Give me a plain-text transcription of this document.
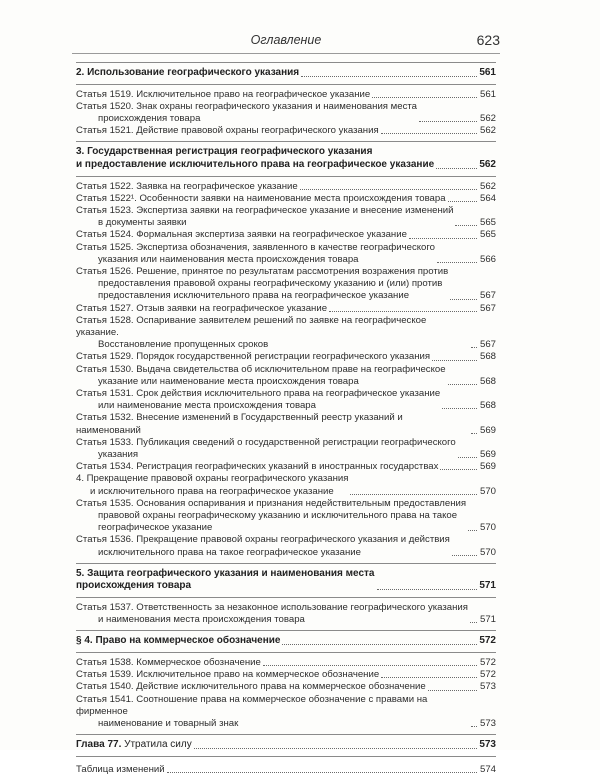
Оглавление	623
2. Использование географического указания	561
Статья 1519. Исключительное право на географическое указание	561
Статья 1520. Знак охраны географического указания и наименования места
происхождения товара	562
Статья 1521. Действие правовой охраны географического указания	562
3. Государственная регистрация географического указания
и предоставление исключительного права на географическое указание	562
Статья 1522. Заявка на географическое указание	562
Статья 1522¹. Особенности заявки на наименование места происхождения товара	564
Статья 1523. Экспертиза заявки на географическое указание и внесение изменений
в документы заявки	565
Статья 1524. Формальная экспертиза заявки на географическое указание	565
Статья 1525. Экспертиза обозначения, заявленного в качестве географического
указания или наименования места происхождения товара	566
Статья 1526. Решение, принятое по результатам рассмотрения возражения против
предоставления правовой охраны географическому указанию и (или) против
предоставления исключительного права на географическое указание	567
Статья 1527. Отзыв заявки на географическое указание	567
Статья 1528. Оспаривание заявителем решений по заявке на географическое указание.
Восстановление пропущенных сроков	567
Статья 1529. Порядок государственной регистрации географического указания	568
Статья 1530. Выдача свидетельства об исключительном праве на географическое
указание или наименование места происхождения товара	568
Статья 1531. Срок действия исключительного права на географическое указание
или наименование места происхождения товара	568
Статья 1532. Внесение изменений в Государственный реестр указаний и наименований	569
Статья 1533. Публикация сведений о государственной регистрации географического
указания	569
Статья 1534. Регистрация географических указаний в иностранных государствах	569
4. Прекращение правовой охраны географического указания
и исключительного права на географическое указание	570
Статья 1535. Основания оспаривания и признания недействительным предоставления
правовой охраны географическому указанию и исключительного права на такое
географическое указание	570
Статья 1536. Прекращение правовой охраны географического указания и действия
исключительного права на такое географическое указание	570
5. Защита географического указания и наименования места
происхождения товара	571
Статья 1537. Ответственность за незаконное использование географического указания
и наименования места происхождения товара	571
§ 4. Право на коммерческое обозначение	572
Статья 1538. Коммерческое обозначение	572
Статья 1539. Исключительное право на коммерческое обозначение	572
Статья 1540. Действие исключительного права на коммерческое обозначение	573
Статья 1541. Соотношение права на коммерческое обозначение с правами на фирменное
наименование и товарный знак	573
Глава 77. Утратила силу	573
Таблица изменений	574
